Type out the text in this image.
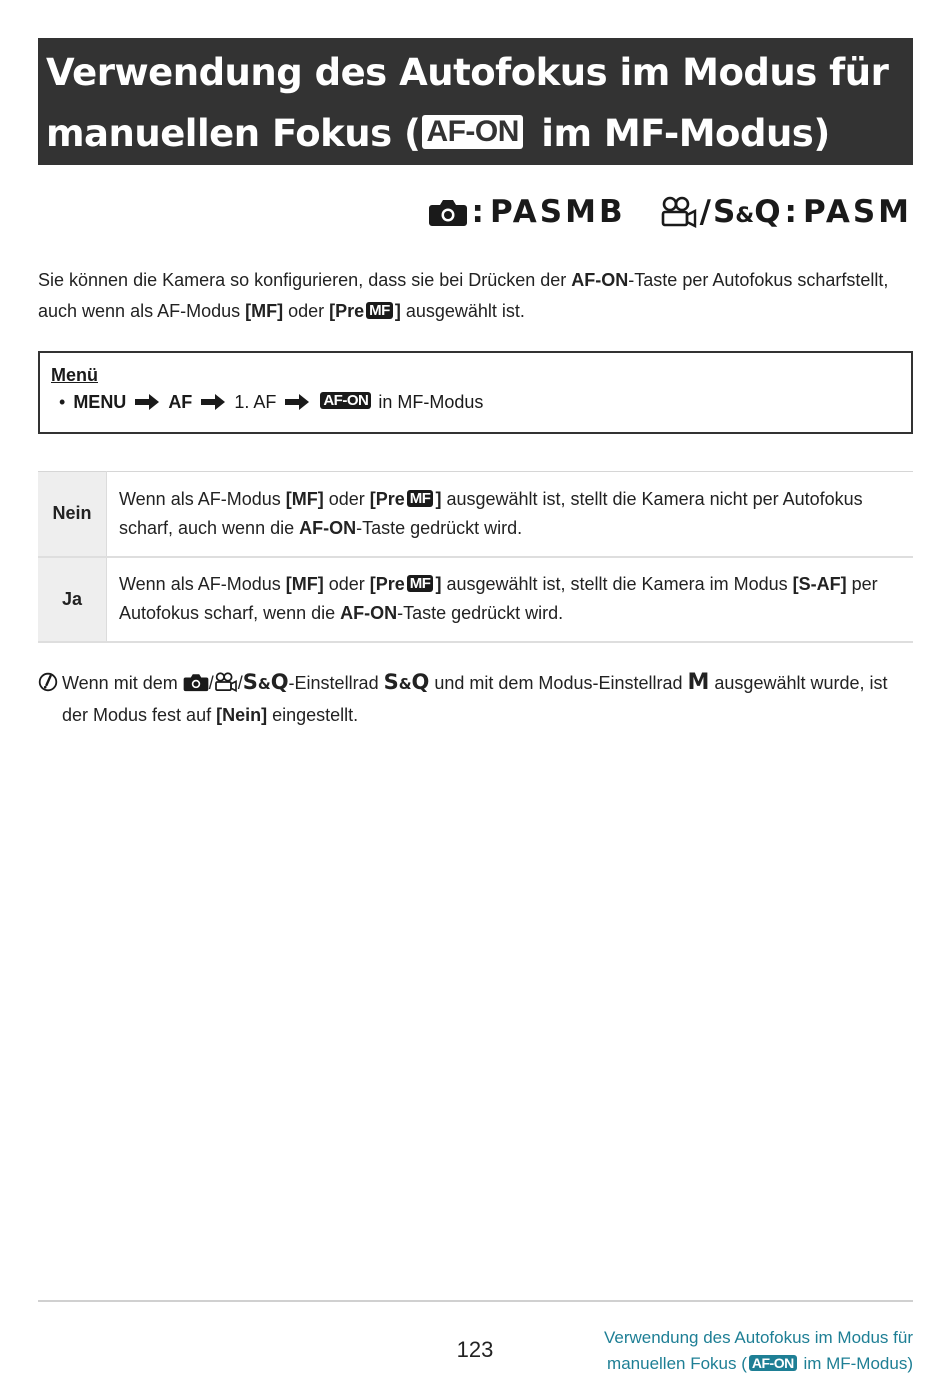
Verwendung des Autofokus im Modus für
manuellen Fokus ( AF-ON im MF-Modus)
: PASMB / S&Q : PASM
Sie können die Kamera so konfigurieren, dass sie bei Drücken der AF-ON-Taste per Autofokus scharfstellt, auch wenn als AF-Modus [MF] oder [Pre MF ] ausgewählt ist.
Menü
• MENU AF 1. AF	AF-ON in MF-Modus
Nein	Wenn als AF-Modus [MF] oder [Pre MF ] ausgewählt ist, stellt die Kamera nicht per Autofokus scharf, auch wenn die AF-ON-Taste gedrückt wird.
Ja	Wenn als AF-Modus [MF] oder [Pre MF ] ausgewählt ist, stellt die Kamera im Modus [S-AF] per Autofokus scharf, wenn die AF-ON-Taste gedrückt wird.
Wenn mit dem / /S&Q-Einstellrad S&Q und mit dem Modus-Einstellrad M ausgewählt wurde, ist der Modus fest auf [Nein] eingestellt.
123	Verwendung des Autofokus im Modus für
manuellen Fokus ( AF-ON im MF-Modus)
